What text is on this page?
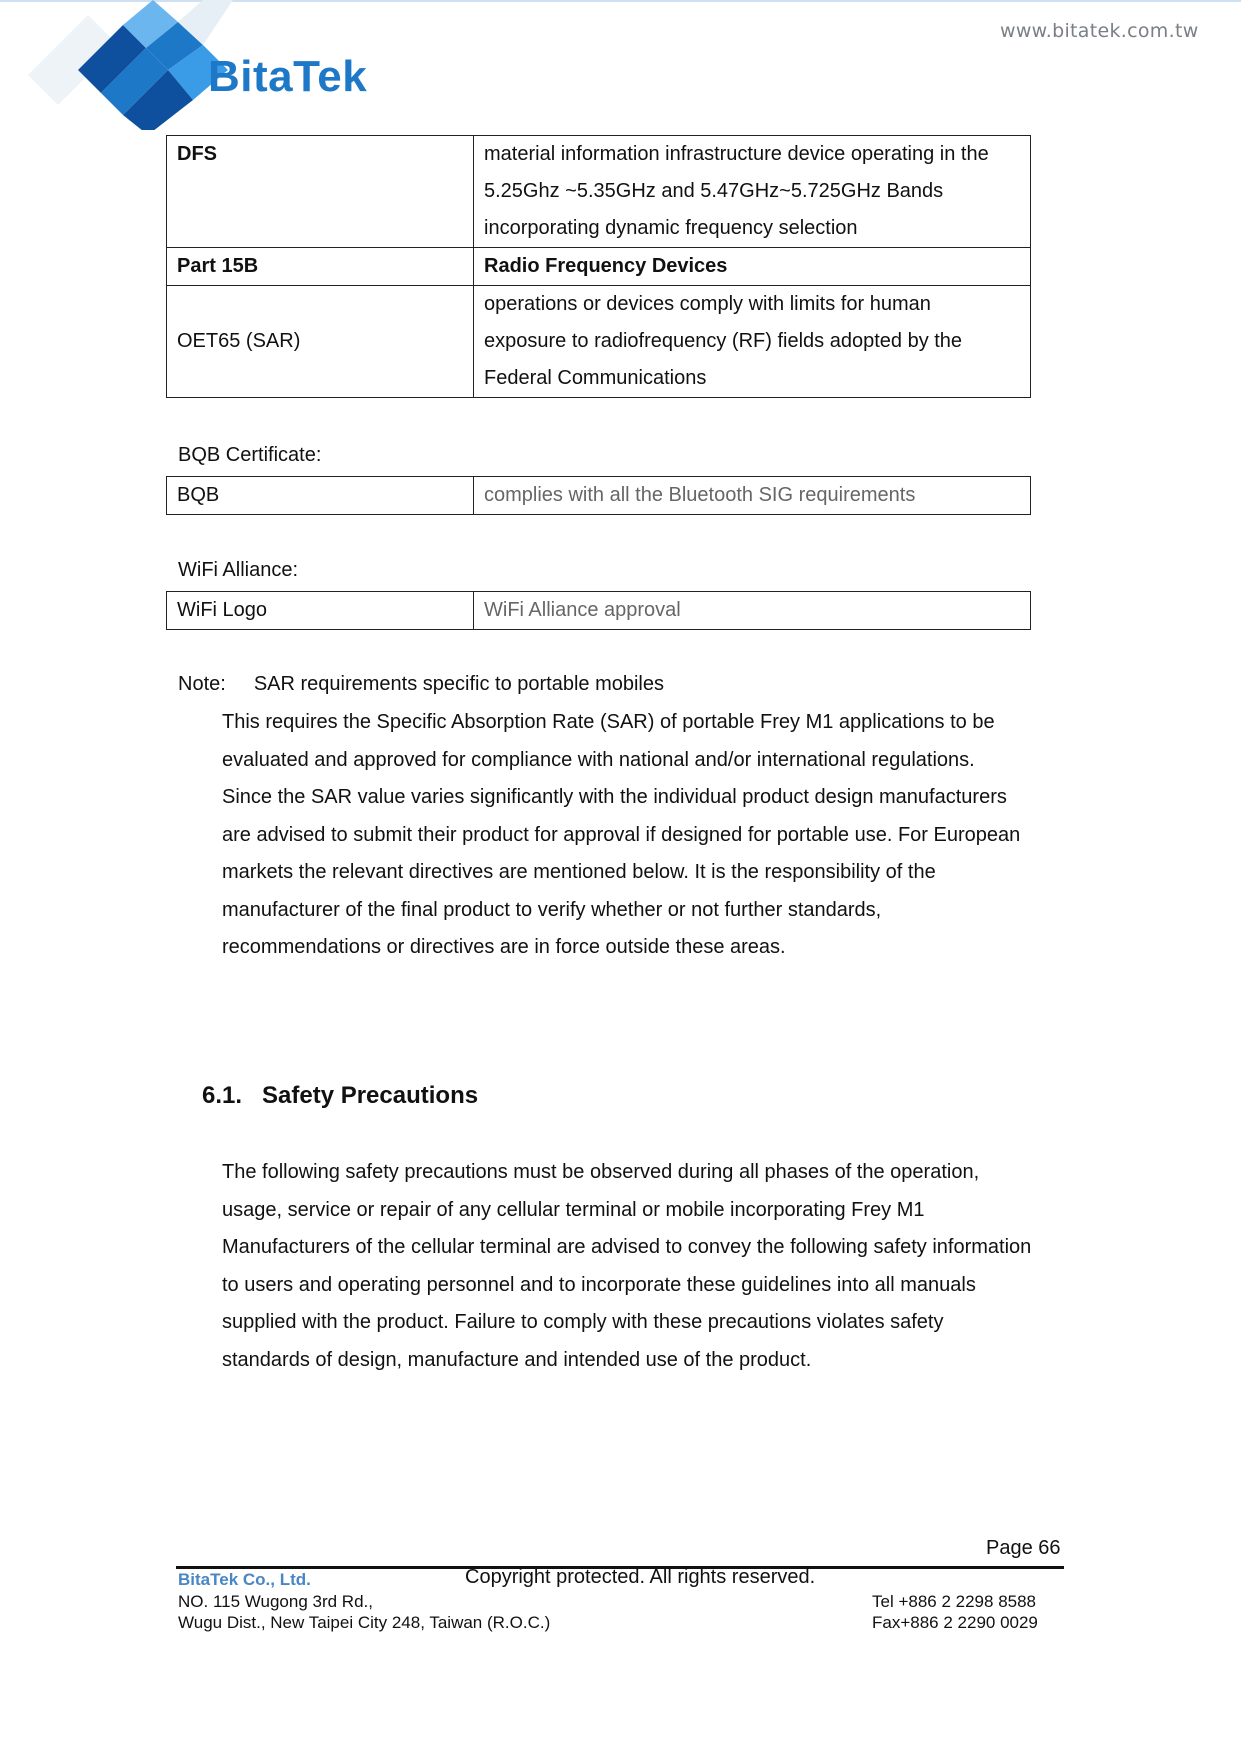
BitaTek
www.bitatek.com.tw
DFS	material information infrastructure device operating in the
5.25Ghz ~5.35GHz and 5.47GHz~5.725GHz Bands
incorporating dynamic frequency selection

Part 15B	Radio Frequency Devices
OET65 (SAR)	operations or devices comply with limits for human
exposure to radiofrequency (RF) fields adopted by the
Federal Communications
BQB Certificate:
BQB	complies with all the Bluetooth SIG requirements
WiFi Alliance:
WiFi Logo	WiFi Alliance approval
Note: SAR requirements specific to portable mobiles

This requires the Specific Absorption Rate (SAR) of portable Frey M1 applications to be

evaluated and approved for compliance with national and/or international regulations.

Since the SAR value varies significantly with the individual product design manufacturers

are advised to submit their product for approval if designed for portable use. For European

markets the relevant directives are mentioned below. It is the responsibility of the

manufacturer of the final product to verify whether or not further standards,

recommendations or directives are in force outside these areas.

6.1. Safety Precautions

The following safety precautions must be observed during all phases of the operation,

usage, service or repair of any cellular terminal or mobile incorporating Frey M1

Manufacturers of the cellular terminal are advised to convey the following safety information

to users and operating personnel and to incorporate these guidelines into all manuals

supplied with the product. Failure to comply with these precautions violates safety

standards of design, manufacture and intended use of the product.

Page 66
BitaTek Co., Ltd.	Copyright protected. All rights reserved.
NO. 115 Wugong 3rd Rd.,
Wugu Dist., New Taipei City 248, Taiwan (R.O.C.)
Tel +886 2 2298 8588
Fax+886 2 2290 0029
